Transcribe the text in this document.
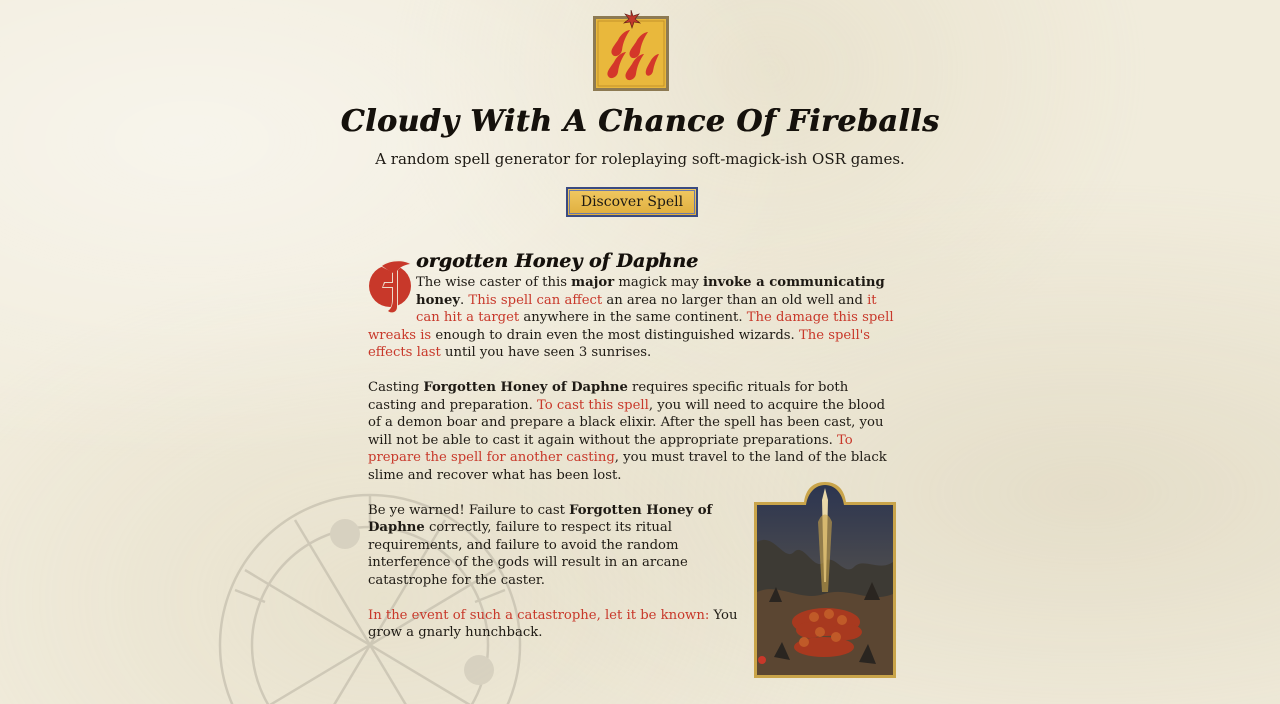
Cloudy With A Chance Of Fireballs

A random spell generator for roleplaying soft-magick-ish OSR games.

Discover Spell
orgotten Honey of Daphne

The wise caster of this major magick may invoke a communicating honey. This spell can affect an area no larger than an old well and it can hit a target anywhere in the same continent. The damage this spell wreaks is enough to drain even the most distinguished wizards. The spell's effects last until you have seen 3 sunrises.

Casting Forgotten Honey of Daphne requires specific rituals for both casting and preparation. To cast this spell, you will need to acquire the blood of a demon boar and prepare a black elixir. After the spell has been cast, you will not be able to cast it again without the appropriate preparations. To prepare the spell for another casting, you must travel to the land of the black slime and recover what has been lost.

Be ye warned! Failure to cast Forgotten Honey of Daphne correctly, failure to respect its ritual requirements, and failure to avoid the random interference of the gods will result in an arcane catastrophe for the caster.

In the event of such a catastrophe, let it be known: You grow a gnarly hunchback.
